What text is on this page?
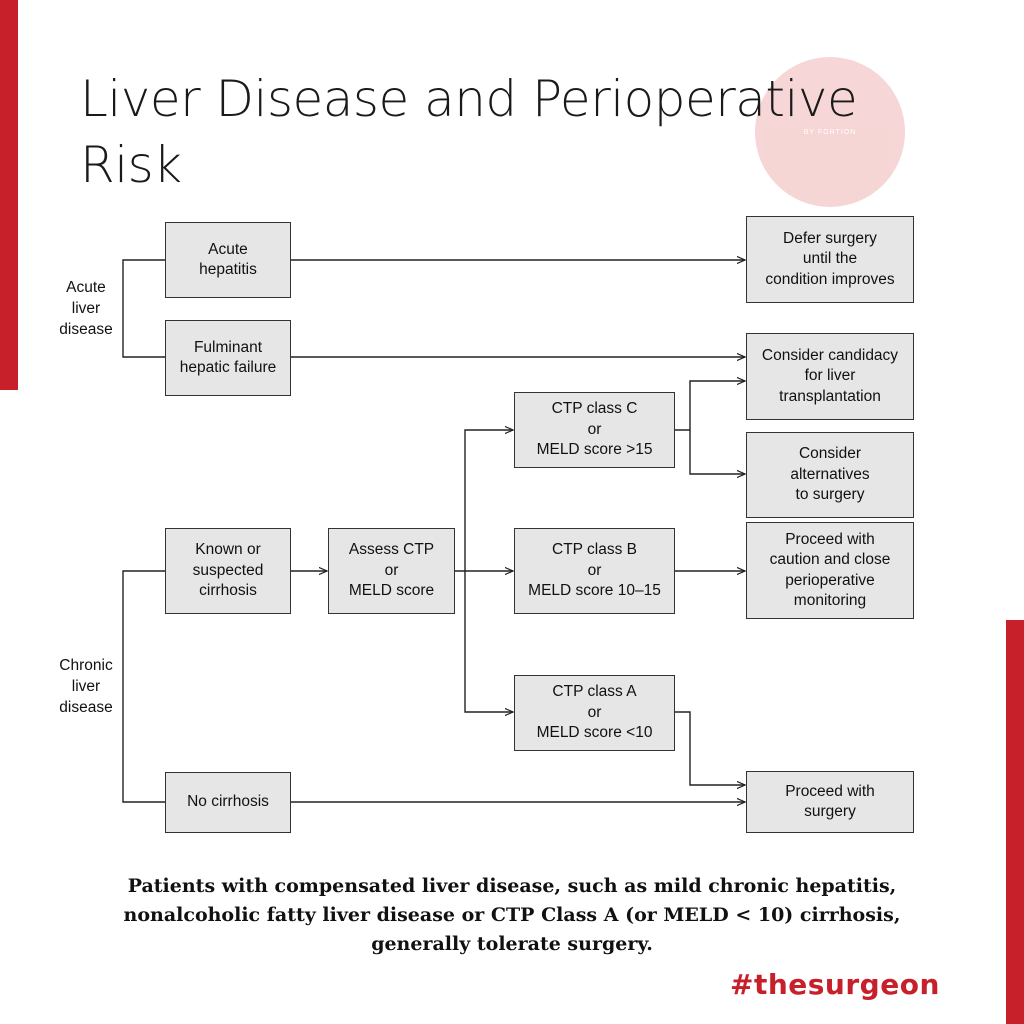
BY FORTION
Liver Disease and Perioperative Risk
Acute
liver
disease
Chronic
liver
disease
Acute
hepatitis
Fulminant
hepatic failure
Known or
suspected
cirrhosis
No cirrhosis
Assess CTP
or
MELD score
CTP class C
or
MELD score >15
CTP class B
or
MELD score 10–15
CTP class A
or
MELD score <10
Defer surgery
until the
condition improves
Consider candidacy
for liver
transplantation
Consider
alternatives
to surgery
Proceed with
caution and close
perioperative
monitoring
Proceed with
surgery

Patients with compensated liver disease, such as mild chronic hepatitis,
nonalcoholic fatty liver disease or CTP Class A (or MELD < 10) cirrhosis,
generally tolerate surgery.

#thesurgeon
